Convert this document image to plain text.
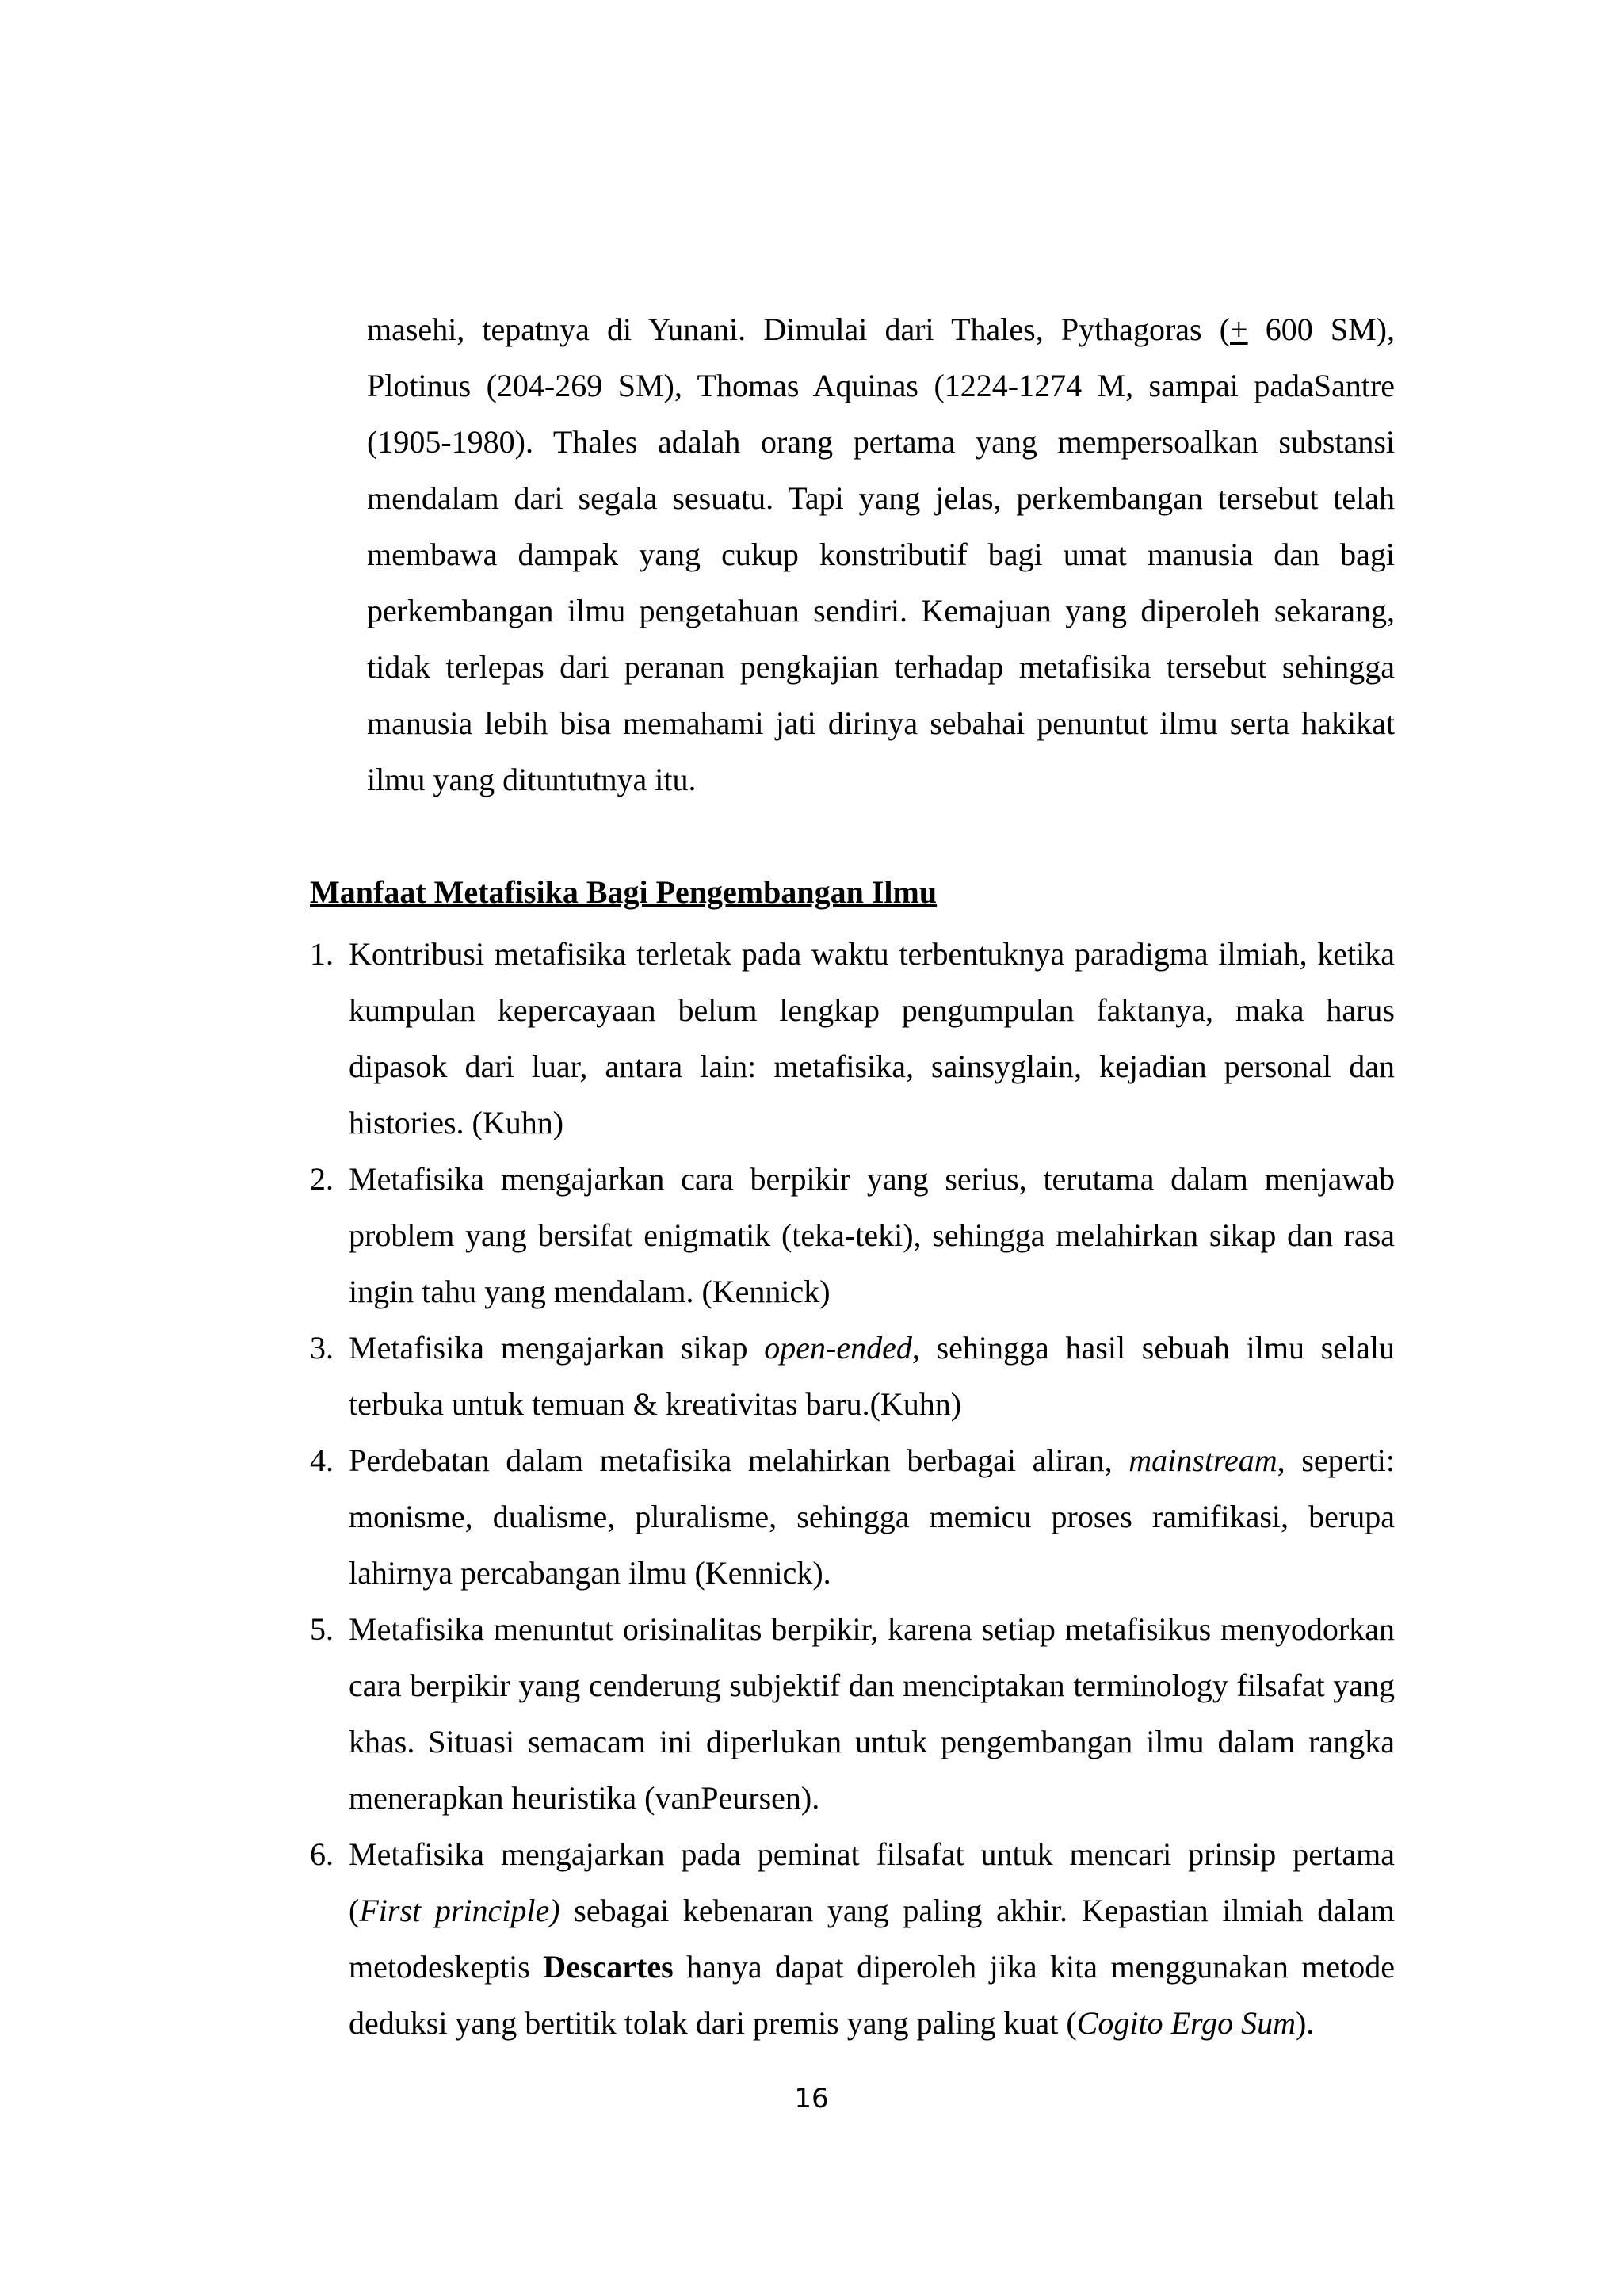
masehi, tepatnya di Yunani. Dimulai dari Thales, Pythagoras (+ 600 SM), Plotinus (204-269 SM), Thomas Aquinas (1224-1274 M, sampai padaSantre (1905-1980). Thales adalah orang pertama yang mempersoalkan substansi mendalam dari segala sesuatu. Tapi yang jelas, perkembangan tersebut telah membawa dampak yang cukup konstributif bagi umat manusia dan bagi perkembangan ilmu pengetahuan sendiri. Kemajuan yang diperoleh sekarang, tidak terlepas dari peranan pengkajian terhadap metafisika tersebut sehingga manusia lebih bisa memahami jati dirinya sebahai penuntut ilmu serta hakikat ilmu yang dituntutnya itu.

Manfaat Metafisika Bagi Pengembangan Ilmu
1. Kontribusi metafisika terletak pada waktu terbentuknya paradigma ilmiah, ketika kumpulan kepercayaan belum lengkap pengumpulan faktanya, maka harus dipasok dari luar, antara lain: metafisika, sainsyglain, kejadian personal dan histories. (Kuhn)
2. Metafisika mengajarkan cara berpikir yang serius, terutama dalam menjawab problem yang bersifat enigmatik (teka-teki), sehingga melahirkan sikap dan rasa ingin tahu yang mendalam. (Kennick)
3. Metafisika mengajarkan sikap open-ended, sehingga hasil sebuah ilmu selalu terbuka untuk temuan & kreativitas baru.(Kuhn)
4. Perdebatan dalam metafisika melahirkan berbagai aliran, mainstream, seperti: monisme, dualisme, pluralisme, sehingga memicu proses ramifikasi, berupa lahirnya percabangan ilmu (Kennick).
5. Metafisika menuntut orisinalitas berpikir, karena setiap metafisikus menyodorkan cara berpikir yang cenderung subjektif dan menciptakan terminology filsafat yang khas. Situasi semacam ini diperlukan untuk pengembangan ilmu dalam rangka menerapkan heuristika (vanPeursen).
6. Metafisika mengajarkan pada peminat filsafat untuk mencari prinsip pertama (First principle) sebagai kebenaran yang paling akhir. Kepastian ilmiah dalam metodeskeptis Descartes hanya dapat diperoleh jika kita menggunakan metode deduksi yang bertitik tolak dari premis yang paling kuat (Cogito Ergo Sum).
16
